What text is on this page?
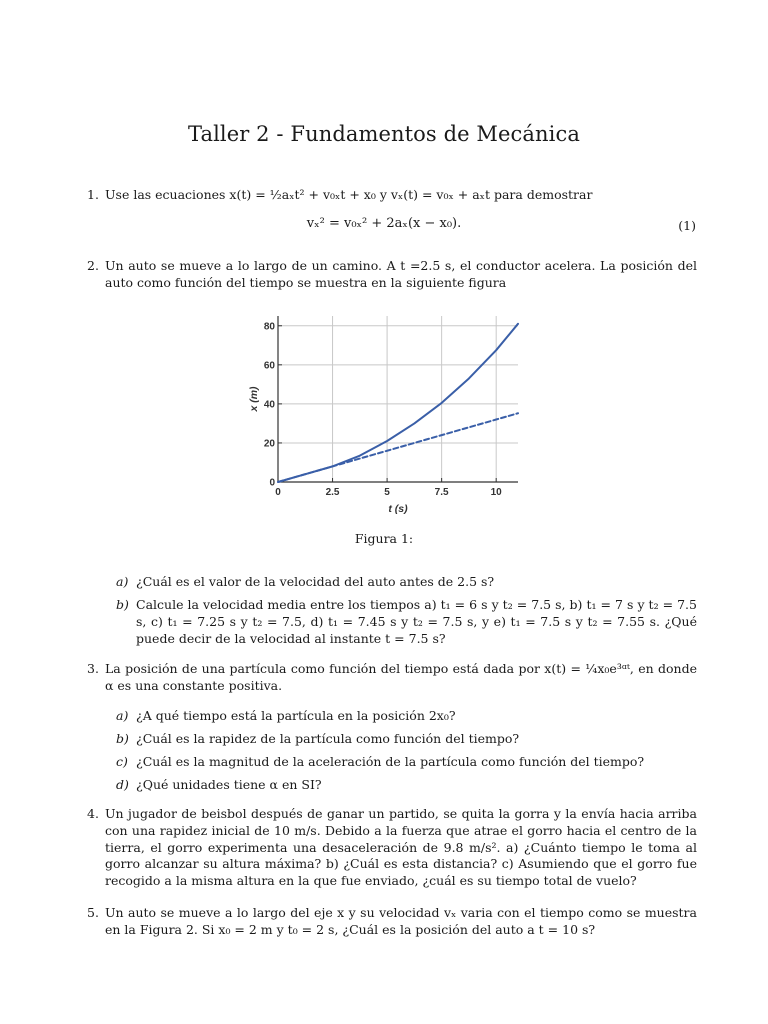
Taller 2 - Fundamentos de Mecánica
1. Use las ecuaciones x(t) = ½aₓt² + v₀ₓt + x₀ y vₓ(t) = v₀ₓ + aₓt para demostrar
vₓ² = v₀ₓ² + 2aₓ(x − x₀).	(1)
2. Un auto se mueve a lo largo de un camino. A t =2.5 s, el conductor acelera. La posición del auto como función del tiempo se muestra en la siguiente figura
0	2.5	5	7.5	10
0
20
40
60
80
t (s)
x (m)
Figura 1:
a) ¿Cuál es el valor de la velocidad del auto antes de 2.5 s?
b) Calcule la velocidad media entre los tiempos a) t₁ = 6 s y t₂ = 7.5 s, b) t₁ = 7 s y t₂ = 7.5 s, c) t₁ = 7.25 s y t₂ = 7.5, d) t₁ = 7.45 s y t₂ = 7.5 s, y e) t₁ = 7.5 s y t₂ = 7.55 s. ¿Qué puede decir de la velocidad al instante t = 7.5 s?
3. La posición de una partícula como función del tiempo está dada por x(t) = ¼x₀e³ᵅᵗ, en donde α es una constante positiva.
a) ¿A qué tiempo está la partícula en la posición 2x₀?
b) ¿Cuál es la rapidez de la partícula como función del tiempo?
c) ¿Cuál es la magnitud de la aceleración de la partícula como función del tiempo?
d) ¿Qué unidades tiene α en SI?
4. Un jugador de beisbol después de ganar un partido, se quita la gorra y la envía hacia arriba con una rapidez inicial de 10 m/s. Debido a la fuerza que atrae el gorro hacia el centro de la tierra, el gorro experimenta una desaceleración de 9.8 m/s². a) ¿Cuánto tiempo le toma al gorro alcanzar su altura máxima? b) ¿Cuál es esta distancia? c) Asumiendo que el gorro fue recogido a la misma altura en la que fue enviado, ¿cuál es su tiempo total de vuelo?
5. Un auto se mueve a lo largo del eje x y su velocidad vₓ varia con el tiempo como se muestra en la Figura 2. Si x₀ = 2 m y t₀ = 2 s, ¿Cuál es la posición del auto a t = 10 s?
